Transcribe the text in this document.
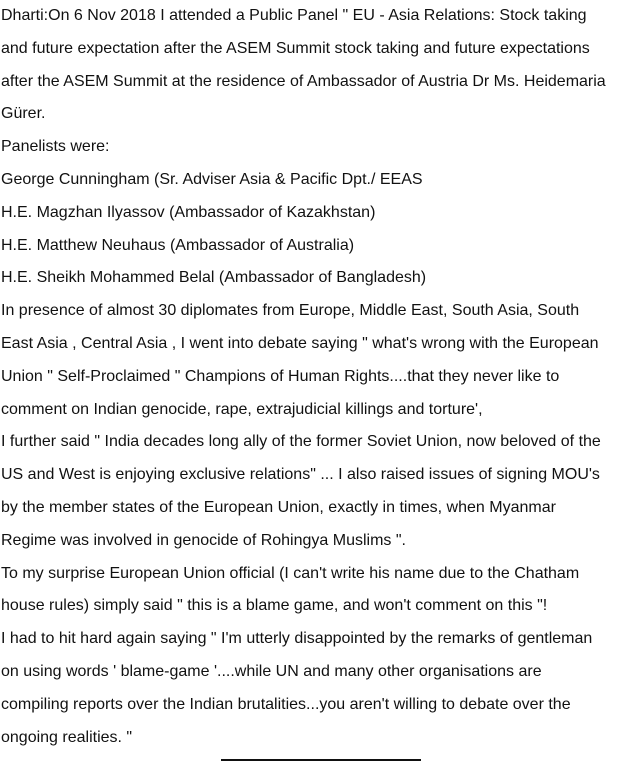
Dharti:On 6 Nov 2018 I attended a Public Panel " EU - Asia Relations: Stock taking

and future expectation after the ASEM Summit stock taking and future expectations

after the ASEM Summit at the residence of Ambassador of Austria Dr Ms. Heidemaria

Gürer.

Panelists were:

George Cunningham (Sr. Adviser Asia & Pacific Dpt./ EEAS

H.E. Magzhan Ilyassov (Ambassador of Kazakhstan)

H.E. Matthew Neuhaus (Ambassador of Australia)

H.E. Sheikh Mohammed Belal (Ambassador of Bangladesh)

In presence of almost 30 diplomates from Europe, Middle East, South Asia, South

East Asia , Central Asia , I went into debate saying " what's wrong with the European

Union " Self-Proclaimed " Champions of Human Rights....that they never like to

comment on Indian genocide, rape, extrajudicial killings and torture',

I further said " India decades long ally of the former Soviet Union, now beloved of the

US and West is enjoying exclusive relations" ... I also raised issues of signing MOU's

by the member states of the European Union, exactly in times, when Myanmar

Regime was involved in genocide of Rohingya Muslims ".

To my surprise European Union official (I can't write his name due to the Chatham

house rules) simply said " this is a blame game, and won't comment on this "!

I had to hit hard again saying " I'm utterly disappointed by the remarks of gentleman

on using words ' blame-game '....while UN and many other organisations are

compiling reports over the Indian brutalities...you aren't willing to debate over the

ongoing realities. "
